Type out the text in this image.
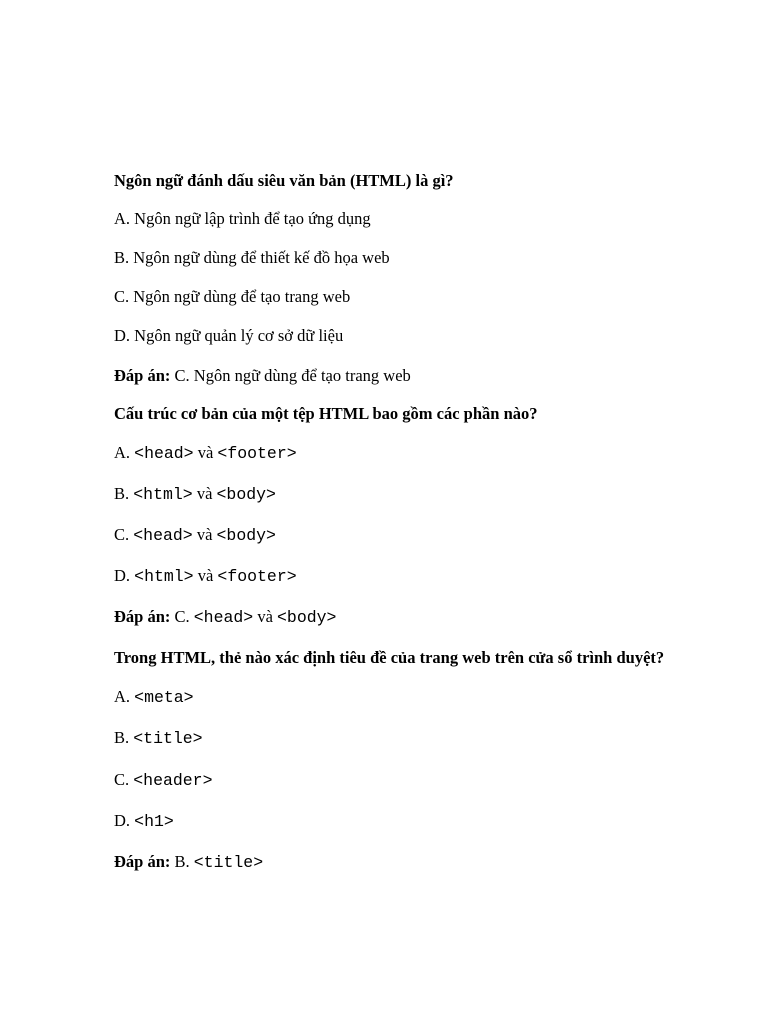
Ngôn ngữ đánh dấu siêu văn bản (HTML) là gì?

A. Ngôn ngữ lập trình để tạo ứng dụng

B. Ngôn ngữ dùng để thiết kế đồ họa web

C. Ngôn ngữ dùng để tạo trang web

D. Ngôn ngữ quản lý cơ sở dữ liệu

Đáp án: C. Ngôn ngữ dùng để tạo trang web

Cấu trúc cơ bản của một tệp HTML bao gồm các phần nào?

A. <head> và <footer>

B. <html> và <body>

C. <head> và <body>

D. <html> và <footer>

Đáp án: C. <head> và <body>

Trong HTML, thẻ nào xác định tiêu đề của trang web trên cửa sổ trình duyệt?

A. <meta>

B. <title>

C. <header>

D. <h1>

Đáp án: B. <title>
